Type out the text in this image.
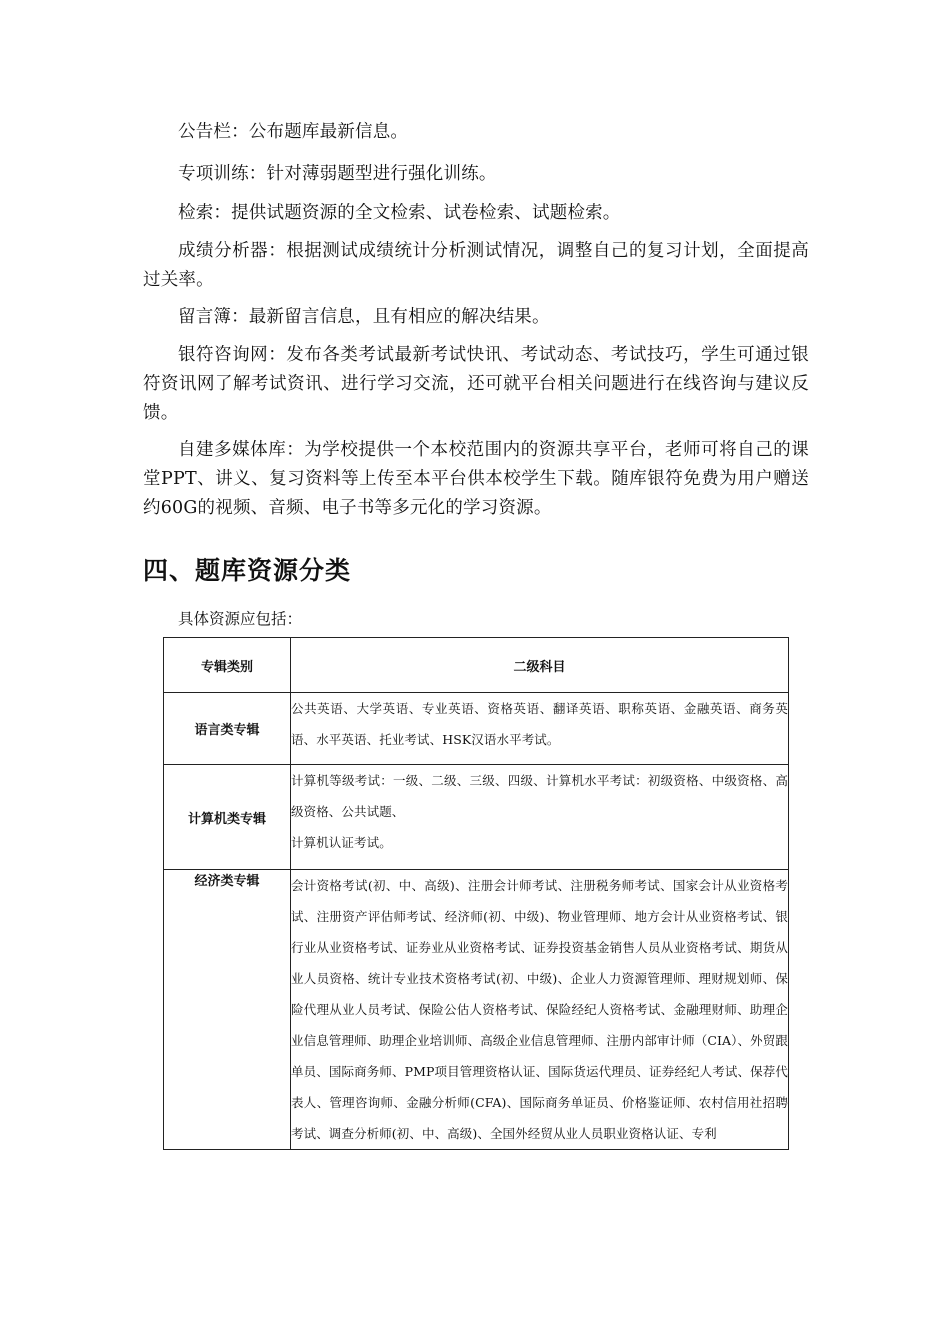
公告栏：公布题库最新信息。

专项训练：针对薄弱题型进行强化训练。

检索：提供试题资源的全文检索、试卷检索、试题检索。

成绩分析器：根据测试成绩统计分析测试情况，调整自己的复习计划，全面提高过关率。

留言簿：最新留言信息，且有相应的解决结果。

银符咨询网：发布各类考试最新考试快讯、考试动态、考试技巧，学生可通过银符资讯网了解考试资讯、进行学习交流，还可就平台相关问题进行在线咨询与建议反馈。

自建多媒体库：为学校提供一个本校范围内的资源共享平台，老师可将自己的课堂PPT、讲义、复习资料等上传至本平台供本校学生下载。随库银符免费为用户赠送约60G的视频、音频、电子书等多元化的学习资源。

四、题库资源分类

具体资源应包括：

专辑类别	二级科目
语言类专辑	公共英语、大学英语、专业英语、资格英语、翻译英语、职称英语、金融英语、商务英语、水平英语、托业考试、HSK汉语水平考试。

计算机类专辑	计算机等级考试：一级、二级、三级、四级、计算机水平考试：初级资格、中级资格、高级资格、公共试题、
计算机认证考试。

经济类专辑	会计资格考试(初、中、高级)、注册会计师考试、注册税务师考试、国家会计从业资格考试、注册资产评估师考试、经济师(初、中级)、物业管理师、地方会计从业资格考试、银行业从业资格考试、证券业从业资格考试、证券投资基金销售人员从业资格考试、期货从业人员资格、统计专业技术资格考试(初、中级)、企业人力资源管理师、理财规划师、保险代理从业人员考试、保险公估人资格考试、保险经纪人资格考试、金融理财师、助理企业信息管理师、助理企业培训师、高级企业信息管理师、注册内部审计师（CIA）、外贸跟单员、国际商务师、PMP项目管理资格认证、国际货运代理员、证券经纪人考试、保荐代表人、管理咨询师、金融分析师(CFA)、国际商务单证员、价格鉴证师、农村信用社招聘考试、调查分析师(初、中、高级)、全国外经贸从业人员职业资格认证、专利
